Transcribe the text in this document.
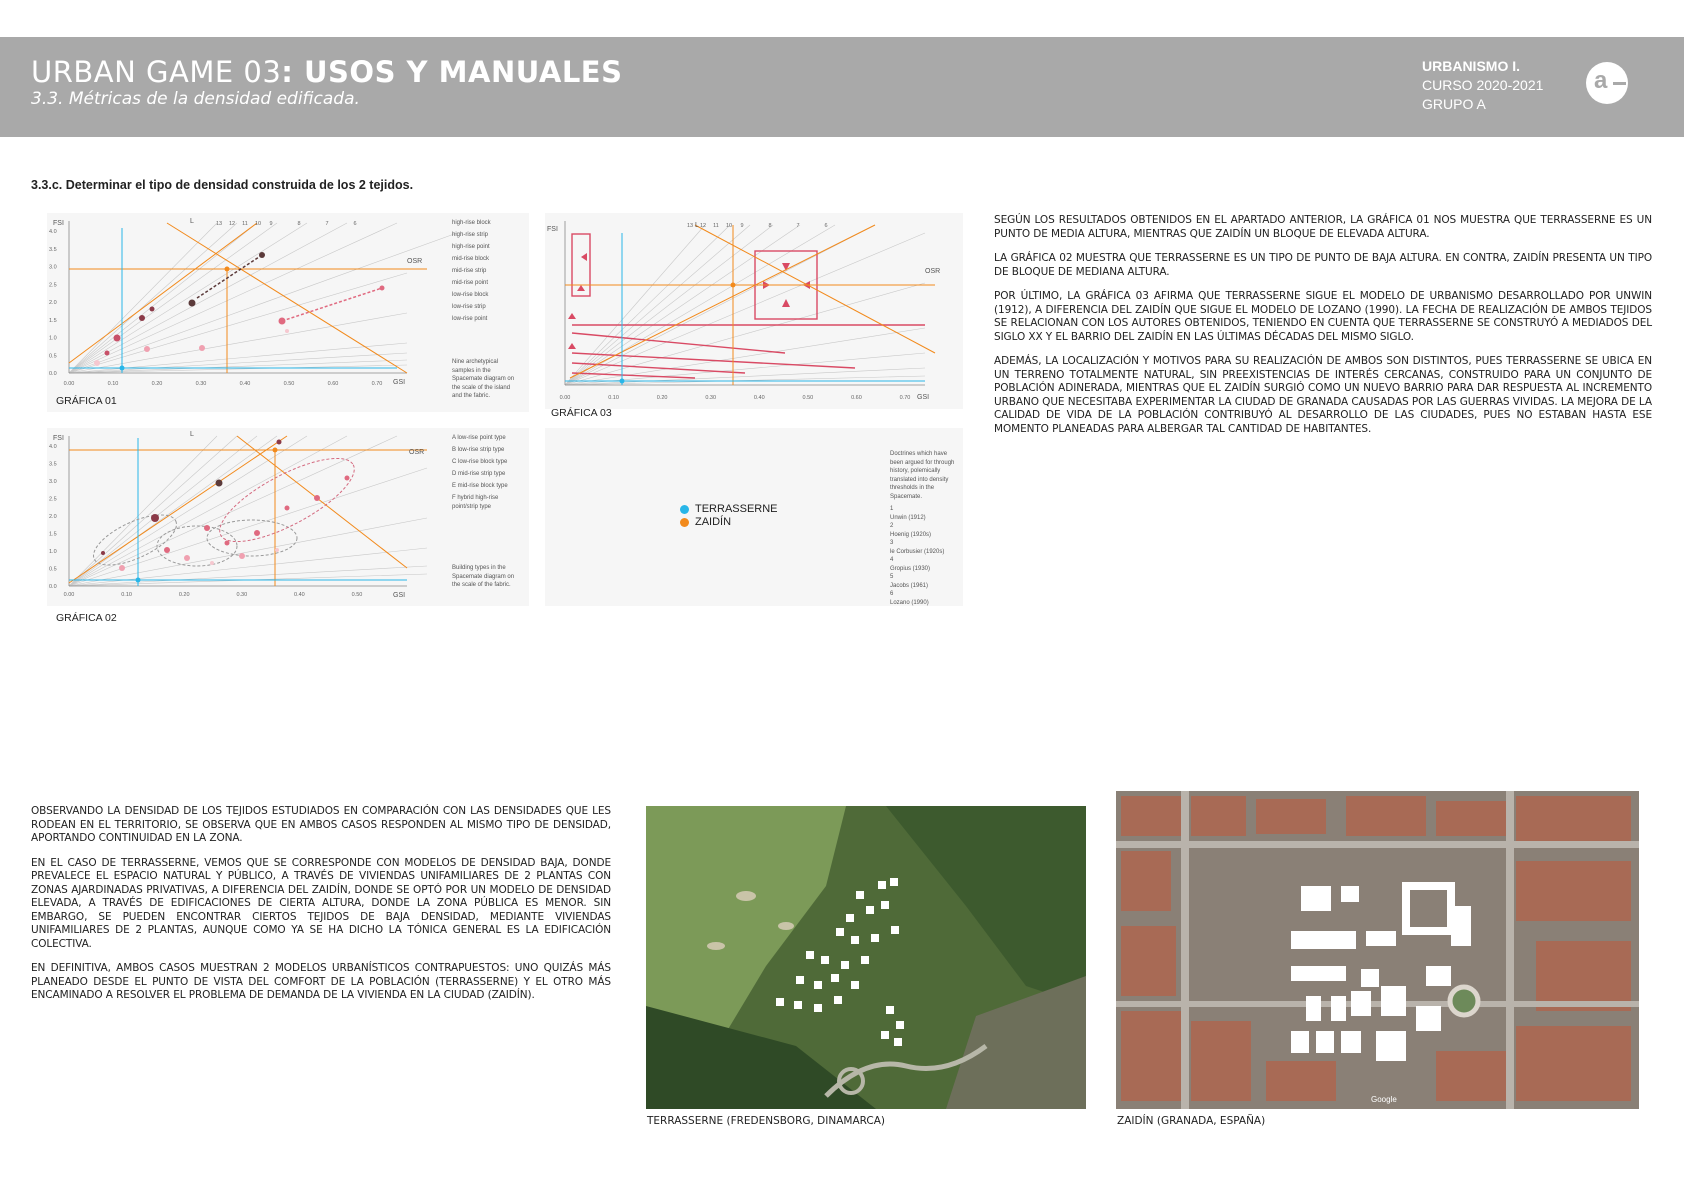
URBAN GAME 03: USOS Y MANUALES
3.3. Métricas de la densidad edificada.
URBANISMO I.
CURSO 2020-2021
GRUPO A
a
3.3.c. Determinar el tipo de densidad construida de los 2 tejidos.
FSI
GSI
OSR
L
4.0
3.5
3.0
2.5
2.0
1.5
1.0
0.5
0.0
0.00	0.10	0.20	0.30	0.40	0.50	0.60	0.70
13 12 11 10 9	8	7	6	high-rise block
high-rise strip
high-rise point
mid-rise block
mid-rise strip
mid-rise point
low-rise block
low-rise strip
low-rise point
Nine archetypical samples in the Spacemate diagram on the scale of the island and the fabric.
GRÁFICA 01
FSI
GSI
OSR
L
0.00	0.10	0.20	0.30	0.40	0.50	0.60	0.70
13 12 11 10 9	8	7	6
GRÁFICA 03
FSI
GSI
OSR
L
4.0
3.5
3.0
2.5
2.0
1.5
1.0
0.5
0.0
0.00	0.10	0.20	0.30	0.40	0.50
A low-rise point type
B low-rise strip type
C low-rise block type
D mid-rise strip type
E mid-rise block type
F hybrid high-rise point/strip type
Building types in the Spacemate diagram on the scale of the fabric.
GRÁFICA 02
Doctrines which have been argued for through history, polemically translated into density thresholds in the Spacemate.
1
Unwin (1912)
2
Hoenig (1920s)
3
le Corbusier (1920s)
4
Gropius (1930)
5
Jacobs (1961)
6
Lozano (1990)
TERRASSERNE
ZAIDÍN

SEGÚN LOS RESULTADOS OBTENIDOS EN EL APARTADO ANTERIOR, LA GRÁFICA 01 NOS MUESTRA QUE TERRASSERNE ES UN PUNTO DE MEDIA ALTURA, MIENTRAS QUE ZAIDÍN UN BLOQUE DE ELEVADA ALTURA.

LA GRÁFICA 02 MUESTRA QUE TERRASSERNE ES UN TIPO DE PUNTO DE BAJA ALTURA. EN CONTRA, ZAIDÍN PRESENTA UN TIPO DE BLOQUE DE MEDIANA ALTURA.

POR ÚLTIMO, LA GRÁFICA 03 AFIRMA QUE TERRASSERNE SIGUE EL MODELO DE URBANISMO DESARROLLADO POR UNWIN (1912), A DIFERENCIA DEL ZAIDÍN QUE SIGUE EL MODELO DE LOZANO (1990). LA FECHA DE REALIZACIÓN DE AMBOS TEJIDOS SE RELACIONAN CON LOS AUTORES OBTENIDOS, TENIENDO EN CUENTA QUE TERRASSERNE SE CONSTRUYÓ A MEDIADOS DEL SIGLO XX Y EL BARRIO DEL ZAIDÍN EN LAS ÚLTIMAS DÉCADAS DEL MISMO SIGLO.

ADEMÁS, LA LOCALIZACIÓN Y MOTIVOS PARA SU REALIZACIÓN DE AMBOS SON DISTINTOS, PUES TERRASSERNE SE UBICA EN UN TERRENO TOTALMENTE NATURAL, SIN PREEXISTENCIAS DE INTERÉS CERCANAS, CONSTRUIDO PARA UN CONJUNTO DE POBLACIÓN ADINERADA, MIENTRAS QUE EL ZAIDÍN SURGIÓ COMO UN NUEVO BARRIO PARA DAR RESPUESTA AL INCREMENTO URBANO QUE NECESITABA EXPERIMENTAR LA CIUDAD DE GRANADA CAUSADAS POR LAS GUERRAS VIVIDAS. LA MEJORA DE LA CALIDAD DE VIDA DE LA POBLACIÓN CONTRIBUYÓ AL DESARROLLO DE LAS CIUDADES, PUES NO ESTABAN HASTA ESE MOMENTO PLANEADAS PARA ALBERGAR TAL CANTIDAD DE HABITANTES.

OBSERVANDO LA DENSIDAD DE LOS TEJIDOS ESTUDIADOS EN COMPARACIÓN CON LAS DENSIDADES QUE LES RODEAN EN EL TERRITORIO, SE OBSERVA QUE EN AMBOS CASOS RESPONDEN AL MISMO TIPO DE DENSIDAD, APORTANDO CONTINUIDAD EN LA ZONA.

EN EL CASO DE TERRASSERNE, VEMOS QUE SE CORRESPONDE CON MODELOS DE DENSIDAD BAJA, DONDE PREVALECE EL ESPACIO NATURAL Y PÚBLICO, A TRAVÉS DE VIVIENDAS UNIFAMILIARES DE 2 PLANTAS CON ZONAS AJARDINADAS PRIVATIVAS, A DIFERENCIA DEL ZAIDÍN, DONDE SE OPTÓ POR UN MODELO DE DENSIDAD ELEVADA, A TRAVÉS DE EDIFICACIONES DE CIERTA ALTURA, DONDE LA ZONA PÚBLICA ES MENOR. SIN EMBARGO, SE PUEDEN ENCONTRAR CIERTOS TEJIDOS DE BAJA DENSIDAD, MEDIANTE VIVIENDAS UNIFAMILIARES DE 2 PLANTAS, AUNQUE COMO YA SE HA DICHO LA TÓNICA GENERAL ES LA EDIFICACIÓN COLECTIVA.

EN DEFINITIVA, AMBOS CASOS MUESTRAN 2 MODELOS URBANÍSTICOS CONTRAPUESTOS: UNO QUIZÁS MÁS PLANEADO DESDE EL PUNTO DE VISTA DEL COMFORT DE LA POBLACIÓN (TERRASSERNE) Y EL OTRO MÁS ENCAMINADO A RESOLVER EL PROBLEMA DE DEMANDA DE LA VIVIENDA EN LA CIUDAD (ZAIDÍN).

TERRASSERNE (FREDENSBORG, DINAMARCA)
Google
ZAIDÍN (GRANADA, ESPAÑA)
